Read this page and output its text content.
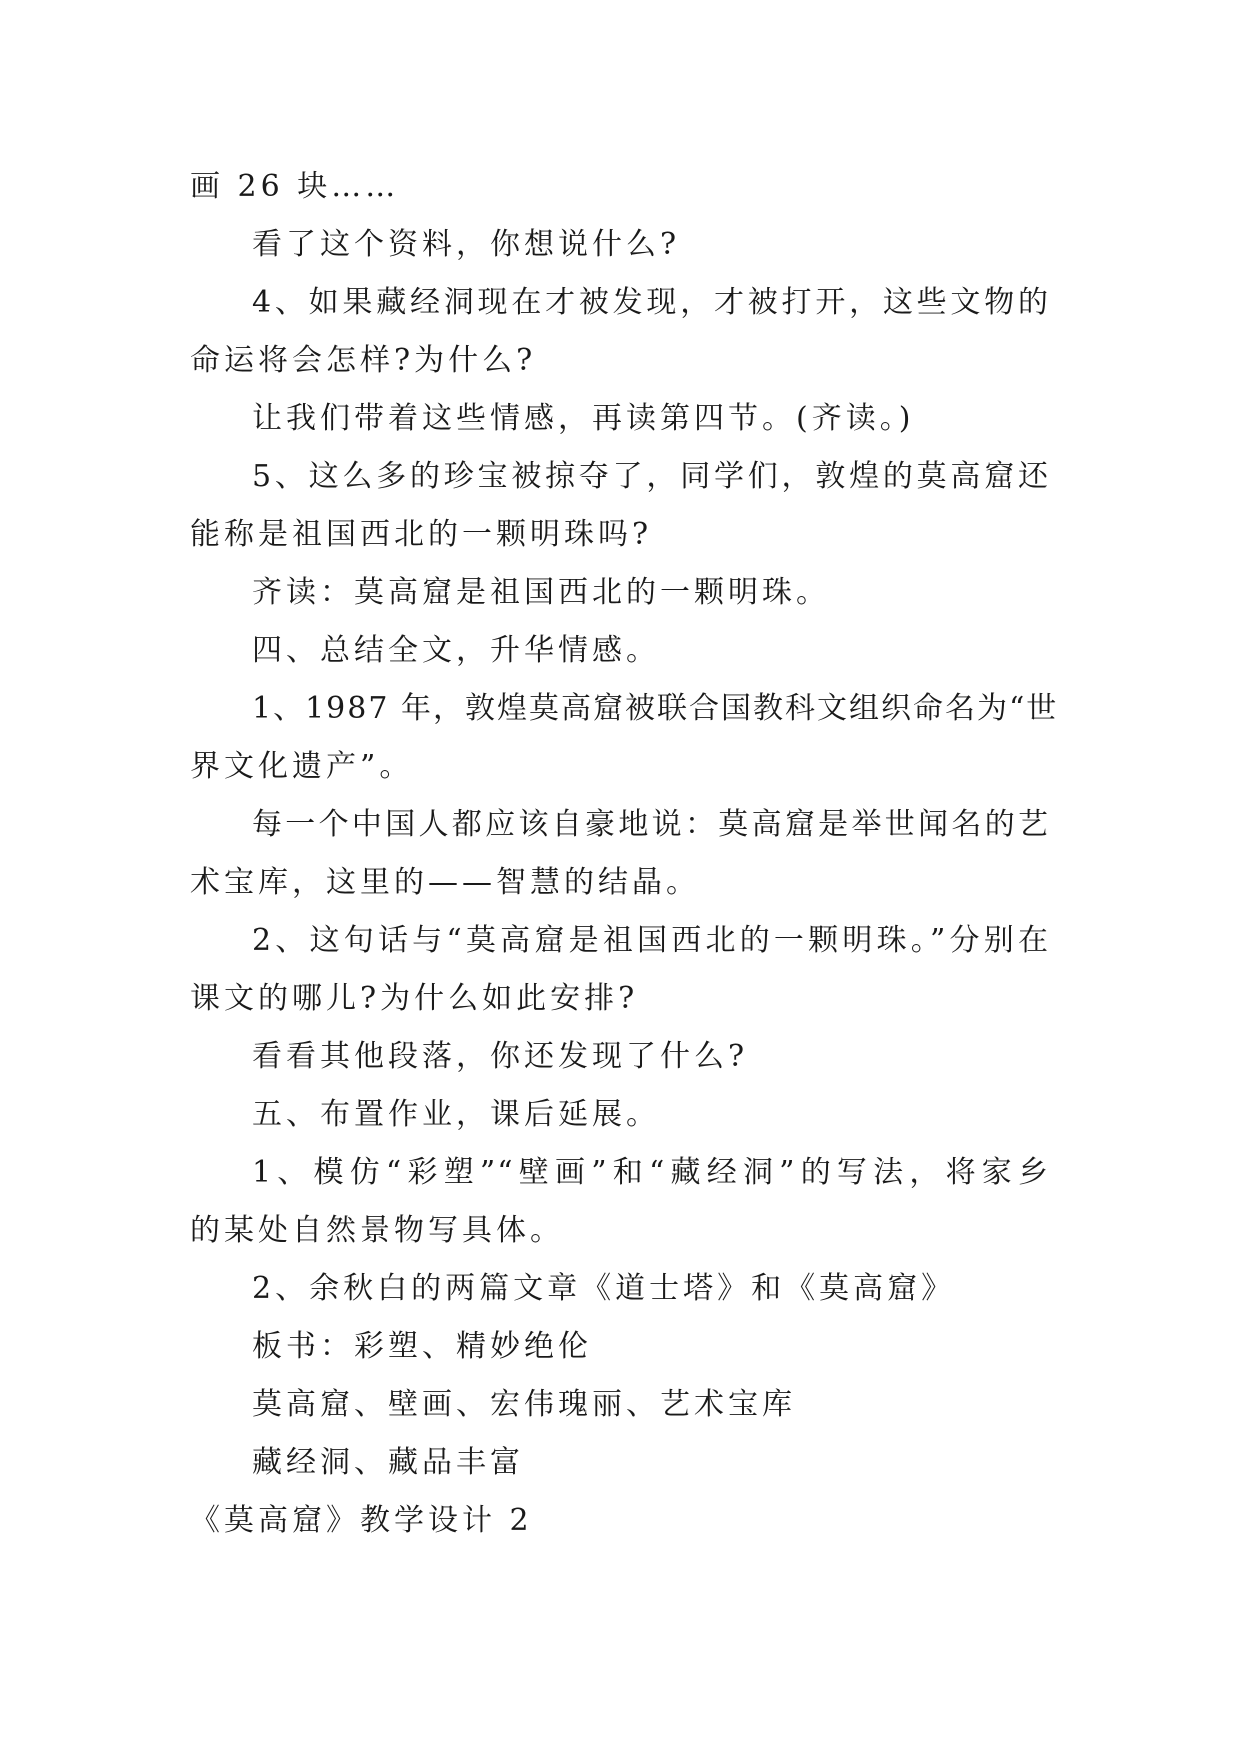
画 26 块……
看了这个资料，你想说什么?
4、如果藏经洞现在才被发现，才被打开，这些文物的
命运将会怎样?为什么?
让我们带着这些情感，再读第四节。(齐读。)
5、这么多的珍宝被掠夺了，同学们，敦煌的莫高窟还
能称是祖国西北的一颗明珠吗?
齐读：莫高窟是祖国西北的一颗明珠。
四、总结全文，升华情感。
1、1987 年，敦煌莫高窟被联合国教科文组织命名为“世
界文化遗产”。
每一个中国人都应该自豪地说：莫高窟是举世闻名的艺
术宝库，这里的——智慧的结晶。
2、这句话与“莫高窟是祖国西北的一颗明珠。”分别在
课文的哪儿?为什么如此安排?
看看其他段落，你还发现了什么?
五、布置作业，课后延展。
1、模仿“彩塑”“壁画”和“藏经洞”的写法，将家乡
的某处自然景物写具体。
2、余秋白的两篇文章《道士塔》和《莫高窟》
板书：彩塑、精妙绝伦
莫高窟、壁画、宏伟瑰丽、艺术宝库
藏经洞、藏品丰富
《莫高窟》教学设计 2
